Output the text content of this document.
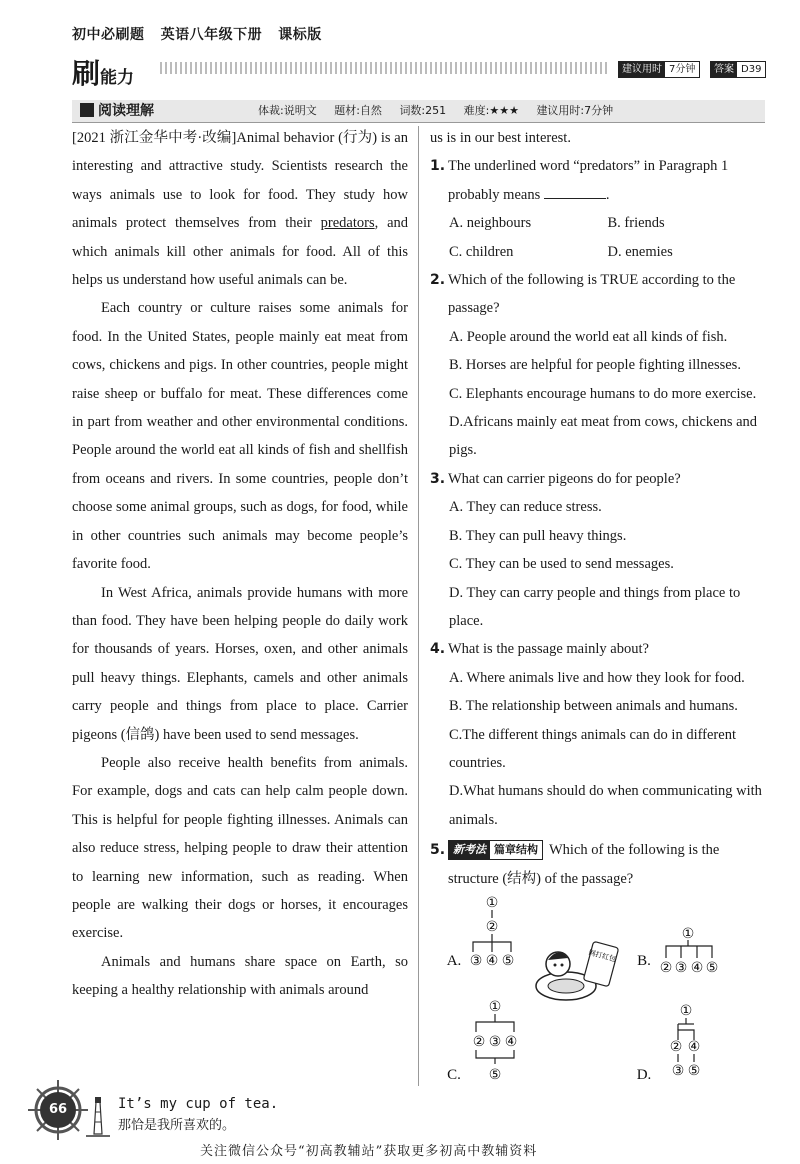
初中必刷题 英语八年级下册 课标版
刷能力	建议用时 7分钟	答案 D39
阅读理解	体裁:说明文 题材:自然 词数:251 难度:★★★ 建议用时:7分钟

[2021 浙江金华中考·改编]Animal behavior (行为) is an interesting and attractive study. Scientists research the ways animals use to look for food. They study how animals protect themselves from their predators, and which animals kill other animals for food. All of this helps us understand how useful animals can be.

Each country or culture raises some animals for food. In the United States, people mainly eat meat from cows, chickens and pigs. In other countries, people might raise sheep or buffalo for meat. These differences come in part from weather and other environmental conditions. People around the world eat all kinds of fish and shellfish from oceans and rivers. In some countries, people don’t choose some animal groups, such as dogs, for food, while in other countries such animals may become people’s favorite food.

In West Africa, animals provide humans with more than food. They have been helping people do daily work for thousands of years. Horses, oxen, and other animals pull heavy things. Elephants, camels and other animals carry people and things from place to place. Carrier pigeons (信鸽) have been used to send messages.

People also receive health benefits from animals. For example, dogs and cats can help calm people down. This is helpful for people fighting illnesses. Animals can also reduce stress, helping people to draw their attention to learning new information, such as reading. When people are walking their dogs or horses, it encourages exercise.

Animals and humans share space on Earth, so keeping a healthy relationship with animals around

us is in our best interest.

1. The underlined word “predators” in Paragraph 1 probably means	.
A. neighbours	B. friends
C. children	D. enemies
2. Which of the following is TRUE according to the passage?

A. People around the world eat all kinds of fish.

B. Horses are helpful for people fighting illnesses.

C. Elephants encourage humans to do more exercise.

D.Africans mainly eat meat from cows, chickens and pigs.

3. What can carrier pigeons do for people?

A. They can reduce stress.

B. They can pull heavy things.

C. They can be used to send messages.

D. They can carry people and things from place to place.

4. What is the passage mainly about?

A. Where animals live and how they look for food.

B. The relationship between animals and humans.

C.The different things animals can do in different countries.

D.What humans should do when communicating with animals.

5. 新考法 篇章结构 Which of the following is the structure (结构) of the passage?
A.	B.
C.	D.
①
②
③ ④ ⑤
①
② ③ ④ ⑤
①
② ③ ④
⑤
①
②
③
④
⑤
网打红包
66	It’s my cup of tea.
那恰是我所喜欢的。
关注微信公众号“初高教辅站”获取更多初高中教辅资料
